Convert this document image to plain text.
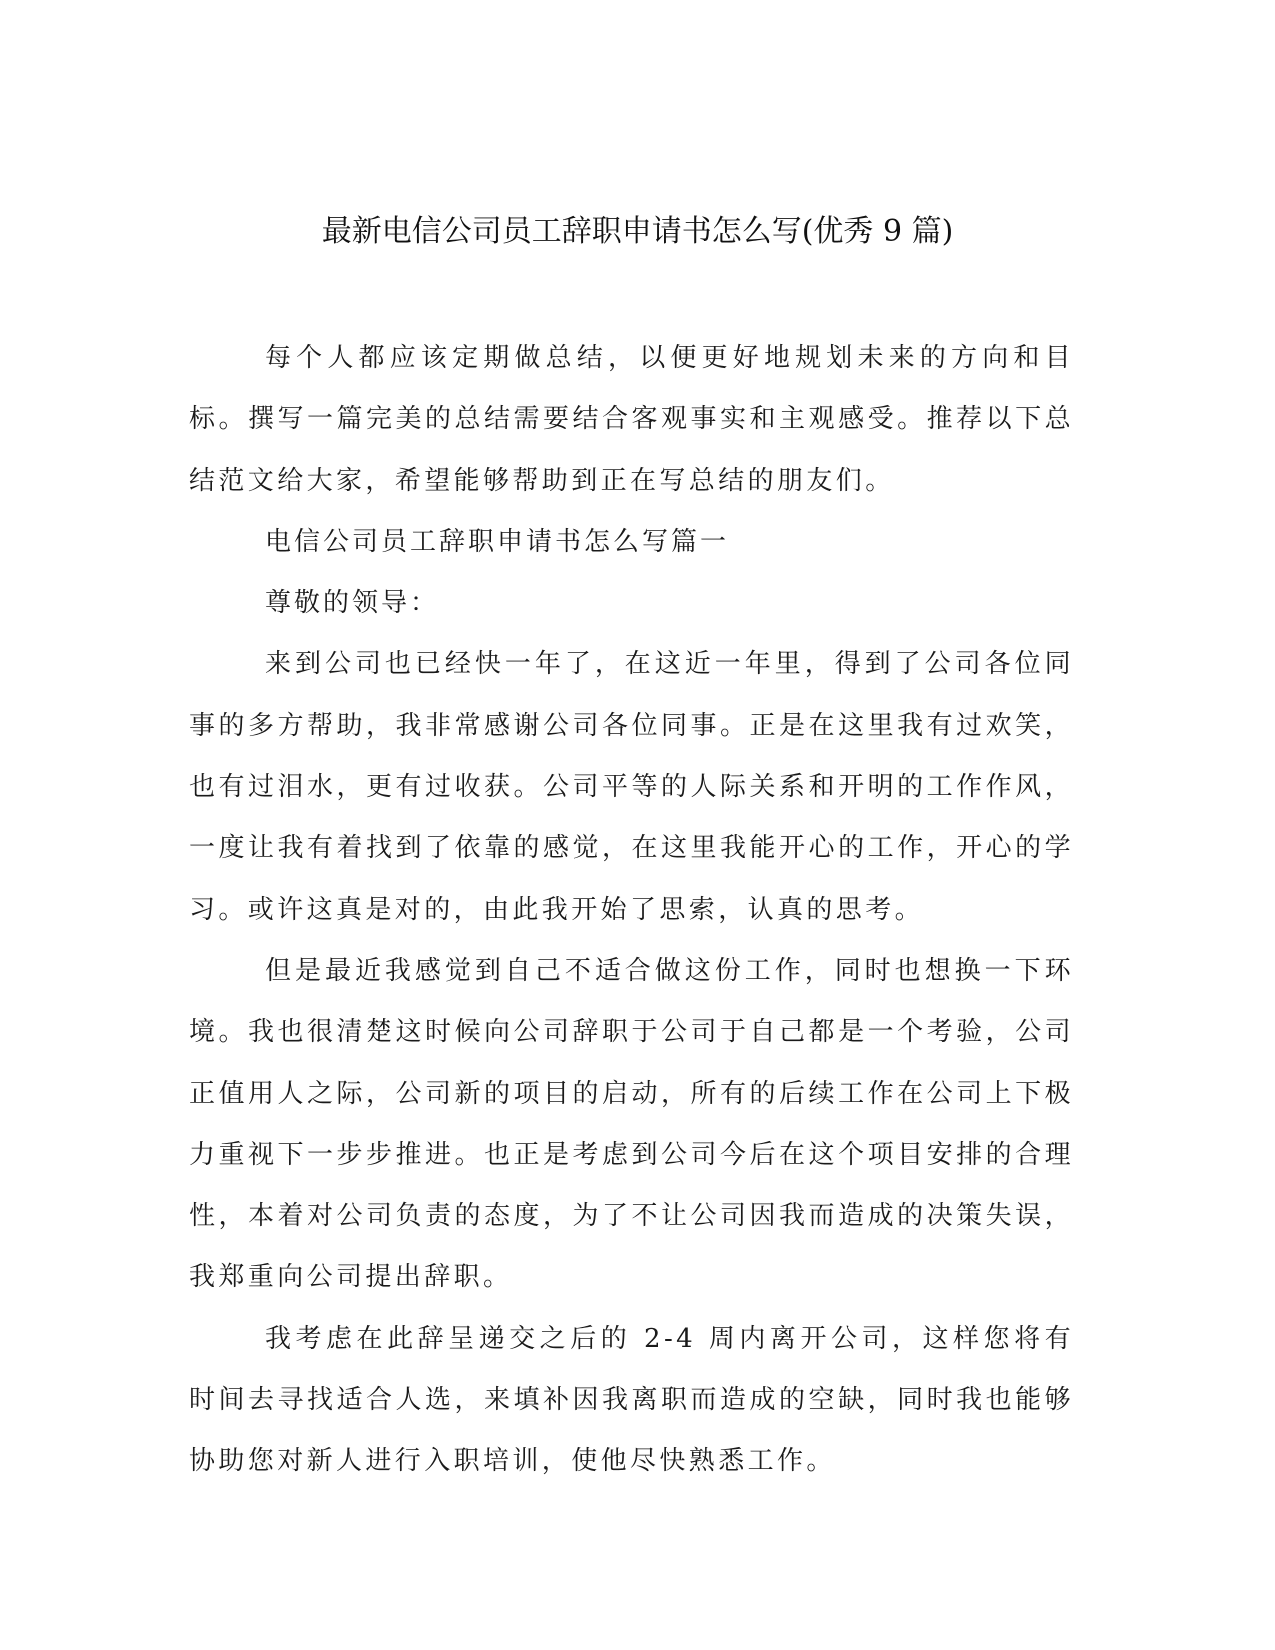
最新电信公司员工辞职申请书怎么写(优秀 9 篇)

每个人都应该定期做总结，以便更好地规划未来的方向和目标。撰写一篇完美的总结需要结合客观事实和主观感受。推荐以下总结范文给大家，希望能够帮助到正在写总结的朋友们。

电信公司员工辞职申请书怎么写篇一

尊敬的领导：

来到公司也已经快一年了，在这近一年里，得到了公司各位同事的多方帮助，我非常感谢公司各位同事。正是在这里我有过欢笑，也有过泪水，更有过收获。公司平等的人际关系和开明的工作作风，一度让我有着找到了依靠的感觉，在这里我能开心的工作，开心的学习。或许这真是对的，由此我开始了思索，认真的思考。

但是最近我感觉到自己不适合做这份工作，同时也想换一下环境。我也很清楚这时候向公司辞职于公司于自己都是一个考验，公司正值用人之际，公司新的项目的启动，所有的后续工作在公司上下极力重视下一步步推进。也正是考虑到公司今后在这个项目安排的合理性，本着对公司负责的态度，为了不让公司因我而造成的决策失误，我郑重向公司提出辞职。

我考虑在此辞呈递交之后的 2-4 周内离开公司，这样您将有时间去寻找适合人选，来填补因我离职而造成的空缺，同时我也能够协助您对新人进行入职培训，使他尽快熟悉工作。
